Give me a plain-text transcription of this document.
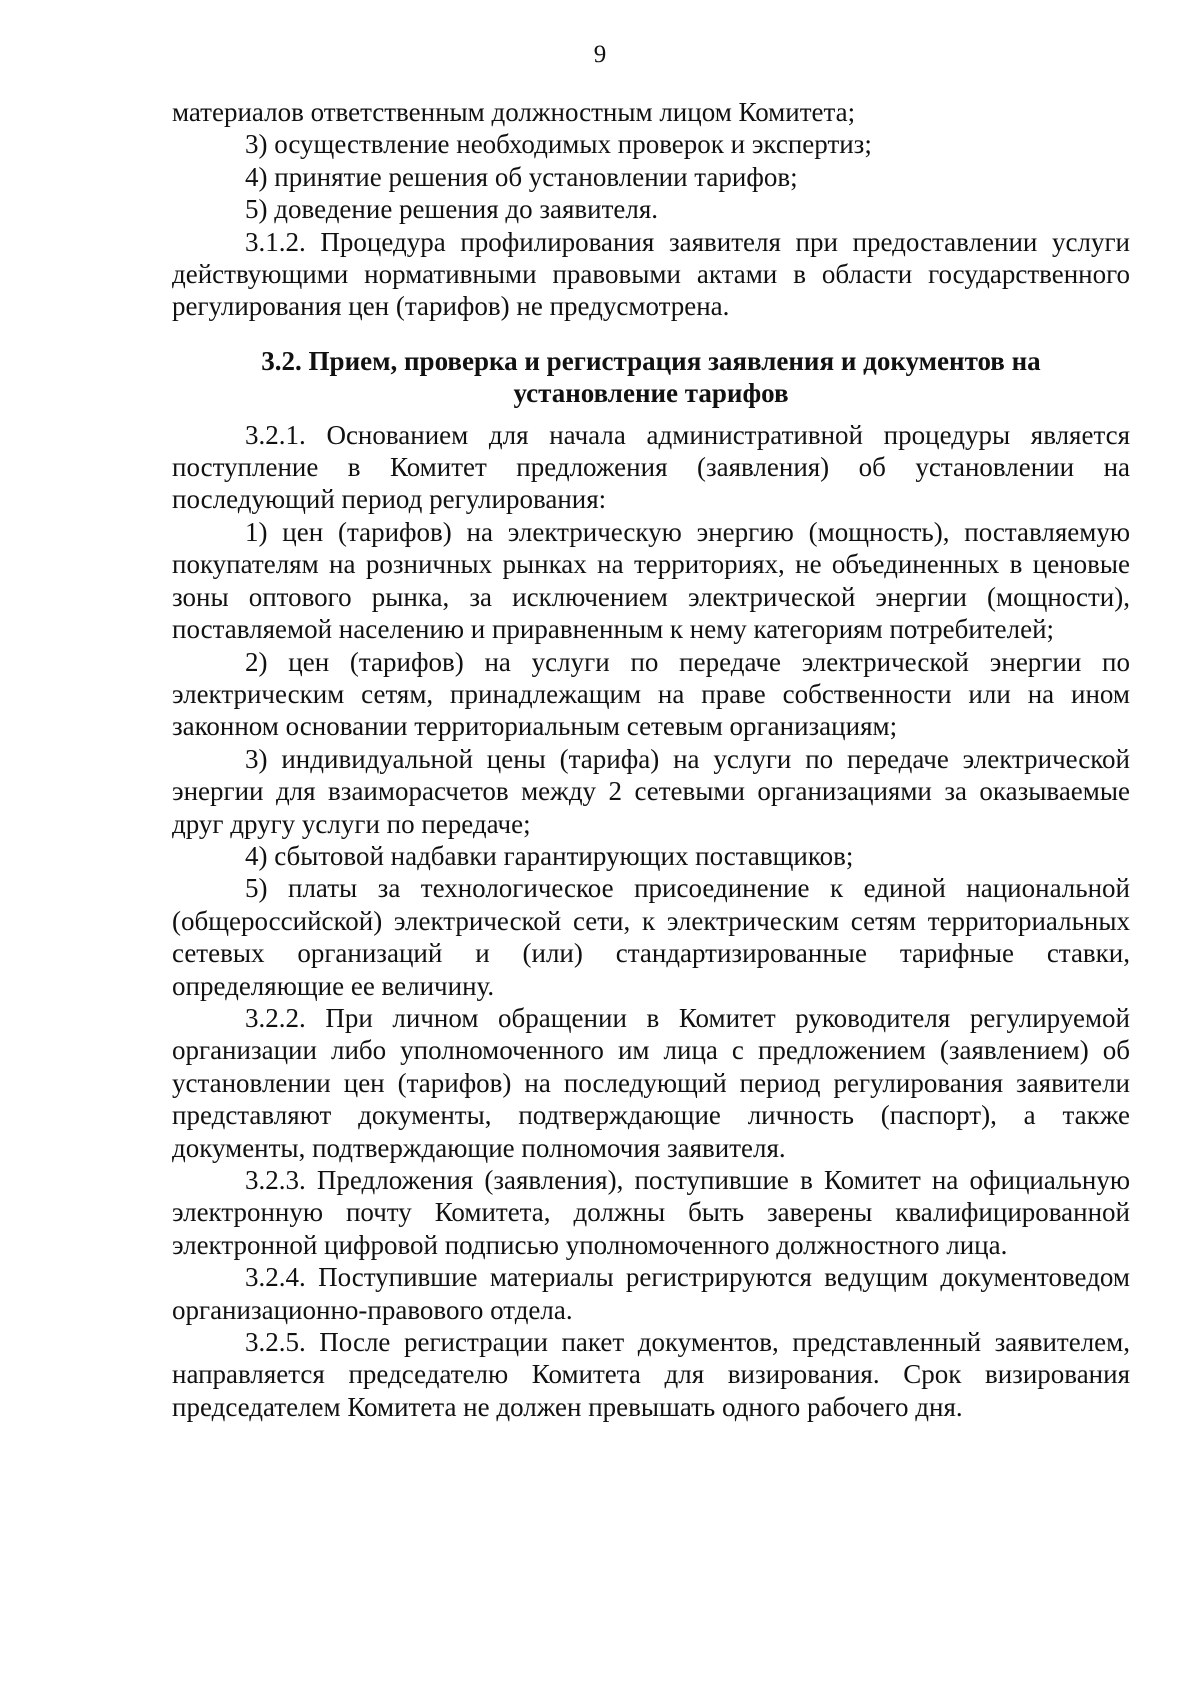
9

материалов ответственным должностным лицом Комитета;

3) осуществление необходимых проверок и экспертиз;

4) принятие решения об установлении тарифов;

5) доведение решения до заявителя.

3.1.2. Процедура профилирования заявителя при предоставлении услуги действующими нормативными правовыми актами в области государственного регулирования цен (тарифов) не предусмотрена.

3.2. Прием, проверка и регистрация заявления и документов на
установление тарифов

3.2.1. Основанием для начала административной процедуры является поступление в Комитет предложения (заявления) об установлении на последующий период регулирования:

1) цен (тарифов) на электрическую энергию (мощность), поставляемую покупателям на розничных рынках на территориях, не объединенных в ценовые зоны оптового рынка, за исключением электрической энергии (мощности), поставляемой населению и приравненным к нему категориям потребителей;

2) цен (тарифов) на услуги по передаче электрической энергии по электрическим сетям, принадлежащим на праве собственности или на ином законном основании территориальным сетевым организациям;

3) индивидуальной цены (тарифа) на услуги по передаче электрической энергии для взаиморасчетов между 2 сетевыми организациями за оказываемые друг другу услуги по передаче;

4) сбытовой надбавки гарантирующих поставщиков;

5) платы за технологическое присоединение к единой национальной (общероссийской) электрической сети, к электрическим сетям территориальных сетевых организаций и (или) стандартизированные тарифные ставки, определяющие ее величину.

3.2.2. При личном обращении в Комитет руководителя регулируемой организации либо уполномоченного им лица с предложением (заявлением) об установлении цен (тарифов) на последующий период регулирования заявители представляют документы, подтверждающие личность (паспорт), а также документы, подтверждающие полномочия заявителя.

3.2.3. Предложения (заявления), поступившие в Комитет на официальную электронную почту Комитета, должны быть заверены квалифицированной электронной цифровой подписью уполномоченного должностного лица.

3.2.4. Поступившие материалы регистрируются ведущим документоведом организационно-правового отдела.

3.2.5. После регистрации пакет документов, представленный заявителем, направляется председателю Комитета для визирования. Срок визирования председателем Комитета не должен превышать одного рабочего дня.
